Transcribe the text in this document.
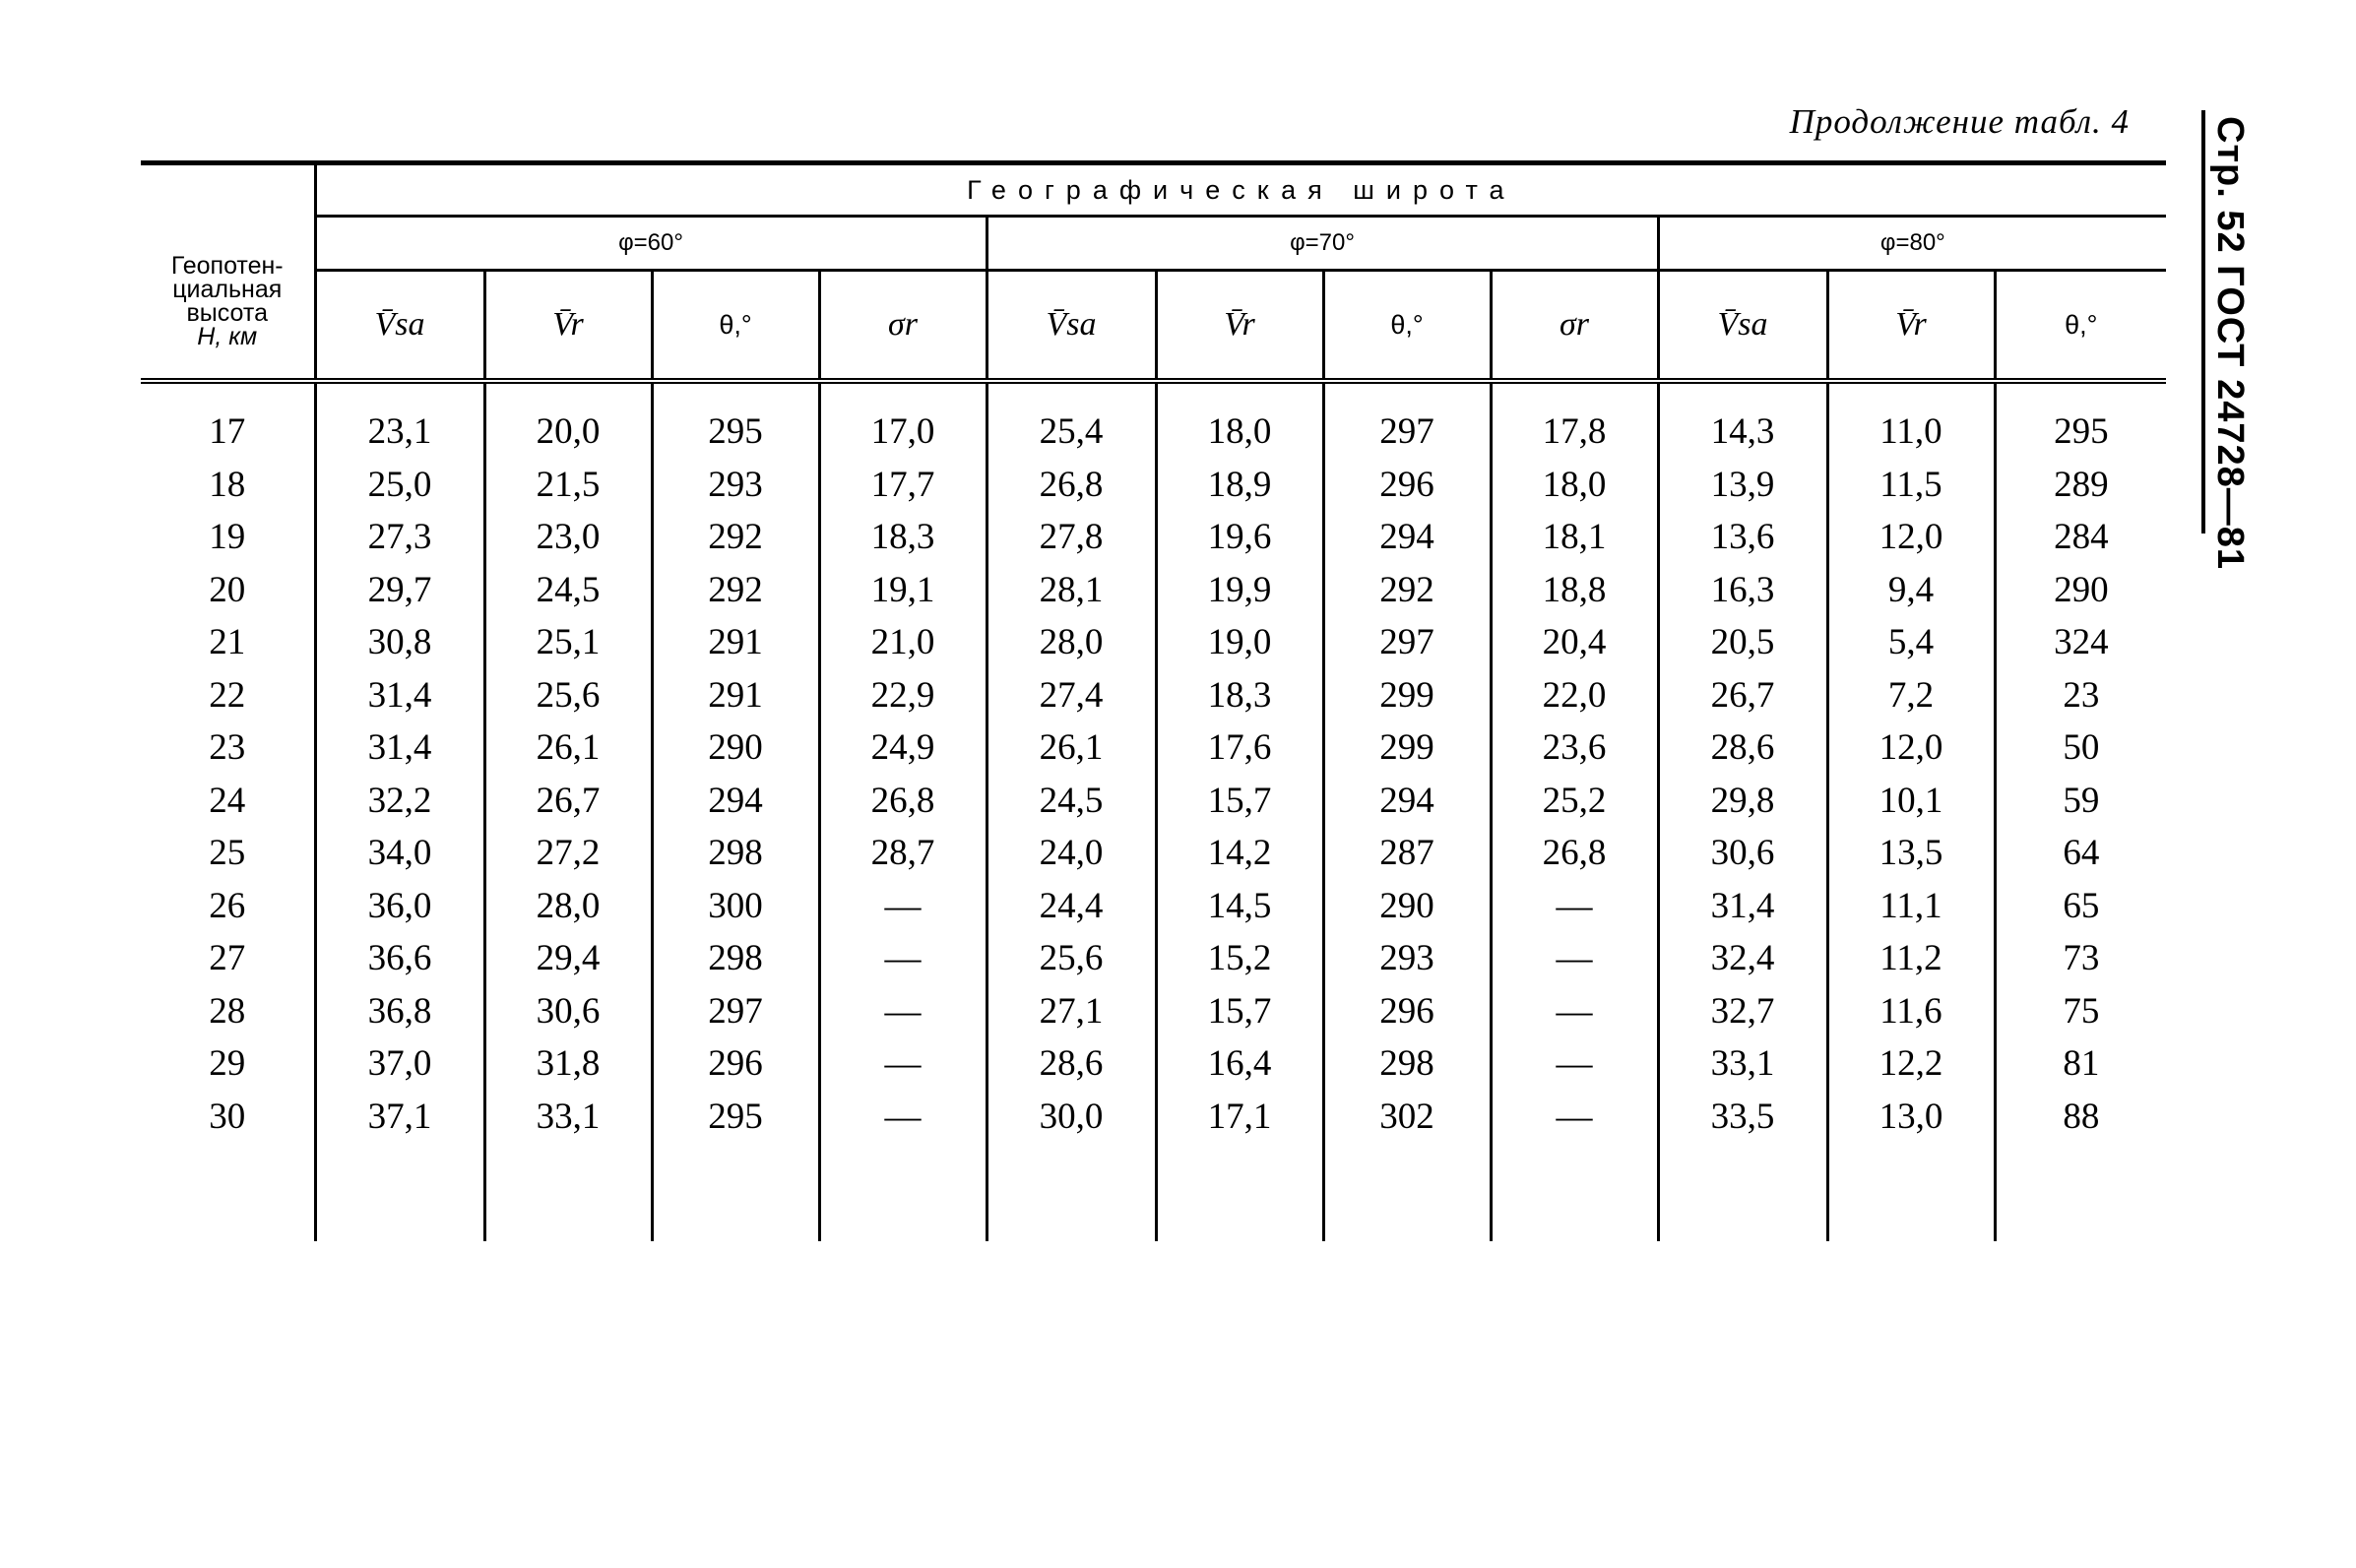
Продолжение табл. 4 Стр. 52 ГОСТ 24728—81
Геопотен-
циальная
высота
H, км	Географическая широта										
	φ=60°				φ=70°				φ=80°		
	V̄sa	V̄r	θ,°	σr	V̄sa	V̄r	θ,°	σr	V̄sa	V̄r	θ,°
17	23,1	20,0	295	17,0	25,4	18,0	297	17,8	14,3	11,0	295
18	25,0	21,5	293	17,7	26,8	18,9	296	18,0	13,9	11,5	289
19	27,3	23,0	292	18,3	27,8	19,6	294	18,1	13,6	12,0	284
20	29,7	24,5	292	19,1	28,1	19,9	292	18,8	16,3	9,4	290
21	30,8	25,1	291	21,0	28,0	19,0	297	20,4	20,5	5,4	324
22	31,4	25,6	291	22,9	27,4	18,3	299	22,0	26,7	7,2	23
23	31,4	26,1	290	24,9	26,1	17,6	299	23,6	28,6	12,0	50
24	32,2	26,7	294	26,8	24,5	15,7	294	25,2	29,8	10,1	59
25	34,0	27,2	298	28,7	24,0	14,2	287	26,8	30,6	13,5	64
26	36,0	28,0	300	—	24,4	14,5	290	—	31,4	11,1	65
27	36,6	29,4	298	—	25,6	15,2	293	—	32,4	11,2	73
28	36,8	30,6	297	—	27,1	15,7	296	—	32,7	11,6	75
29	37,0	31,8	296	—	28,6	16,4	298	—	33,1	12,2	81
30	37,1	33,1	295	—	30,0	17,1	302	—	33,5	13,0	88
